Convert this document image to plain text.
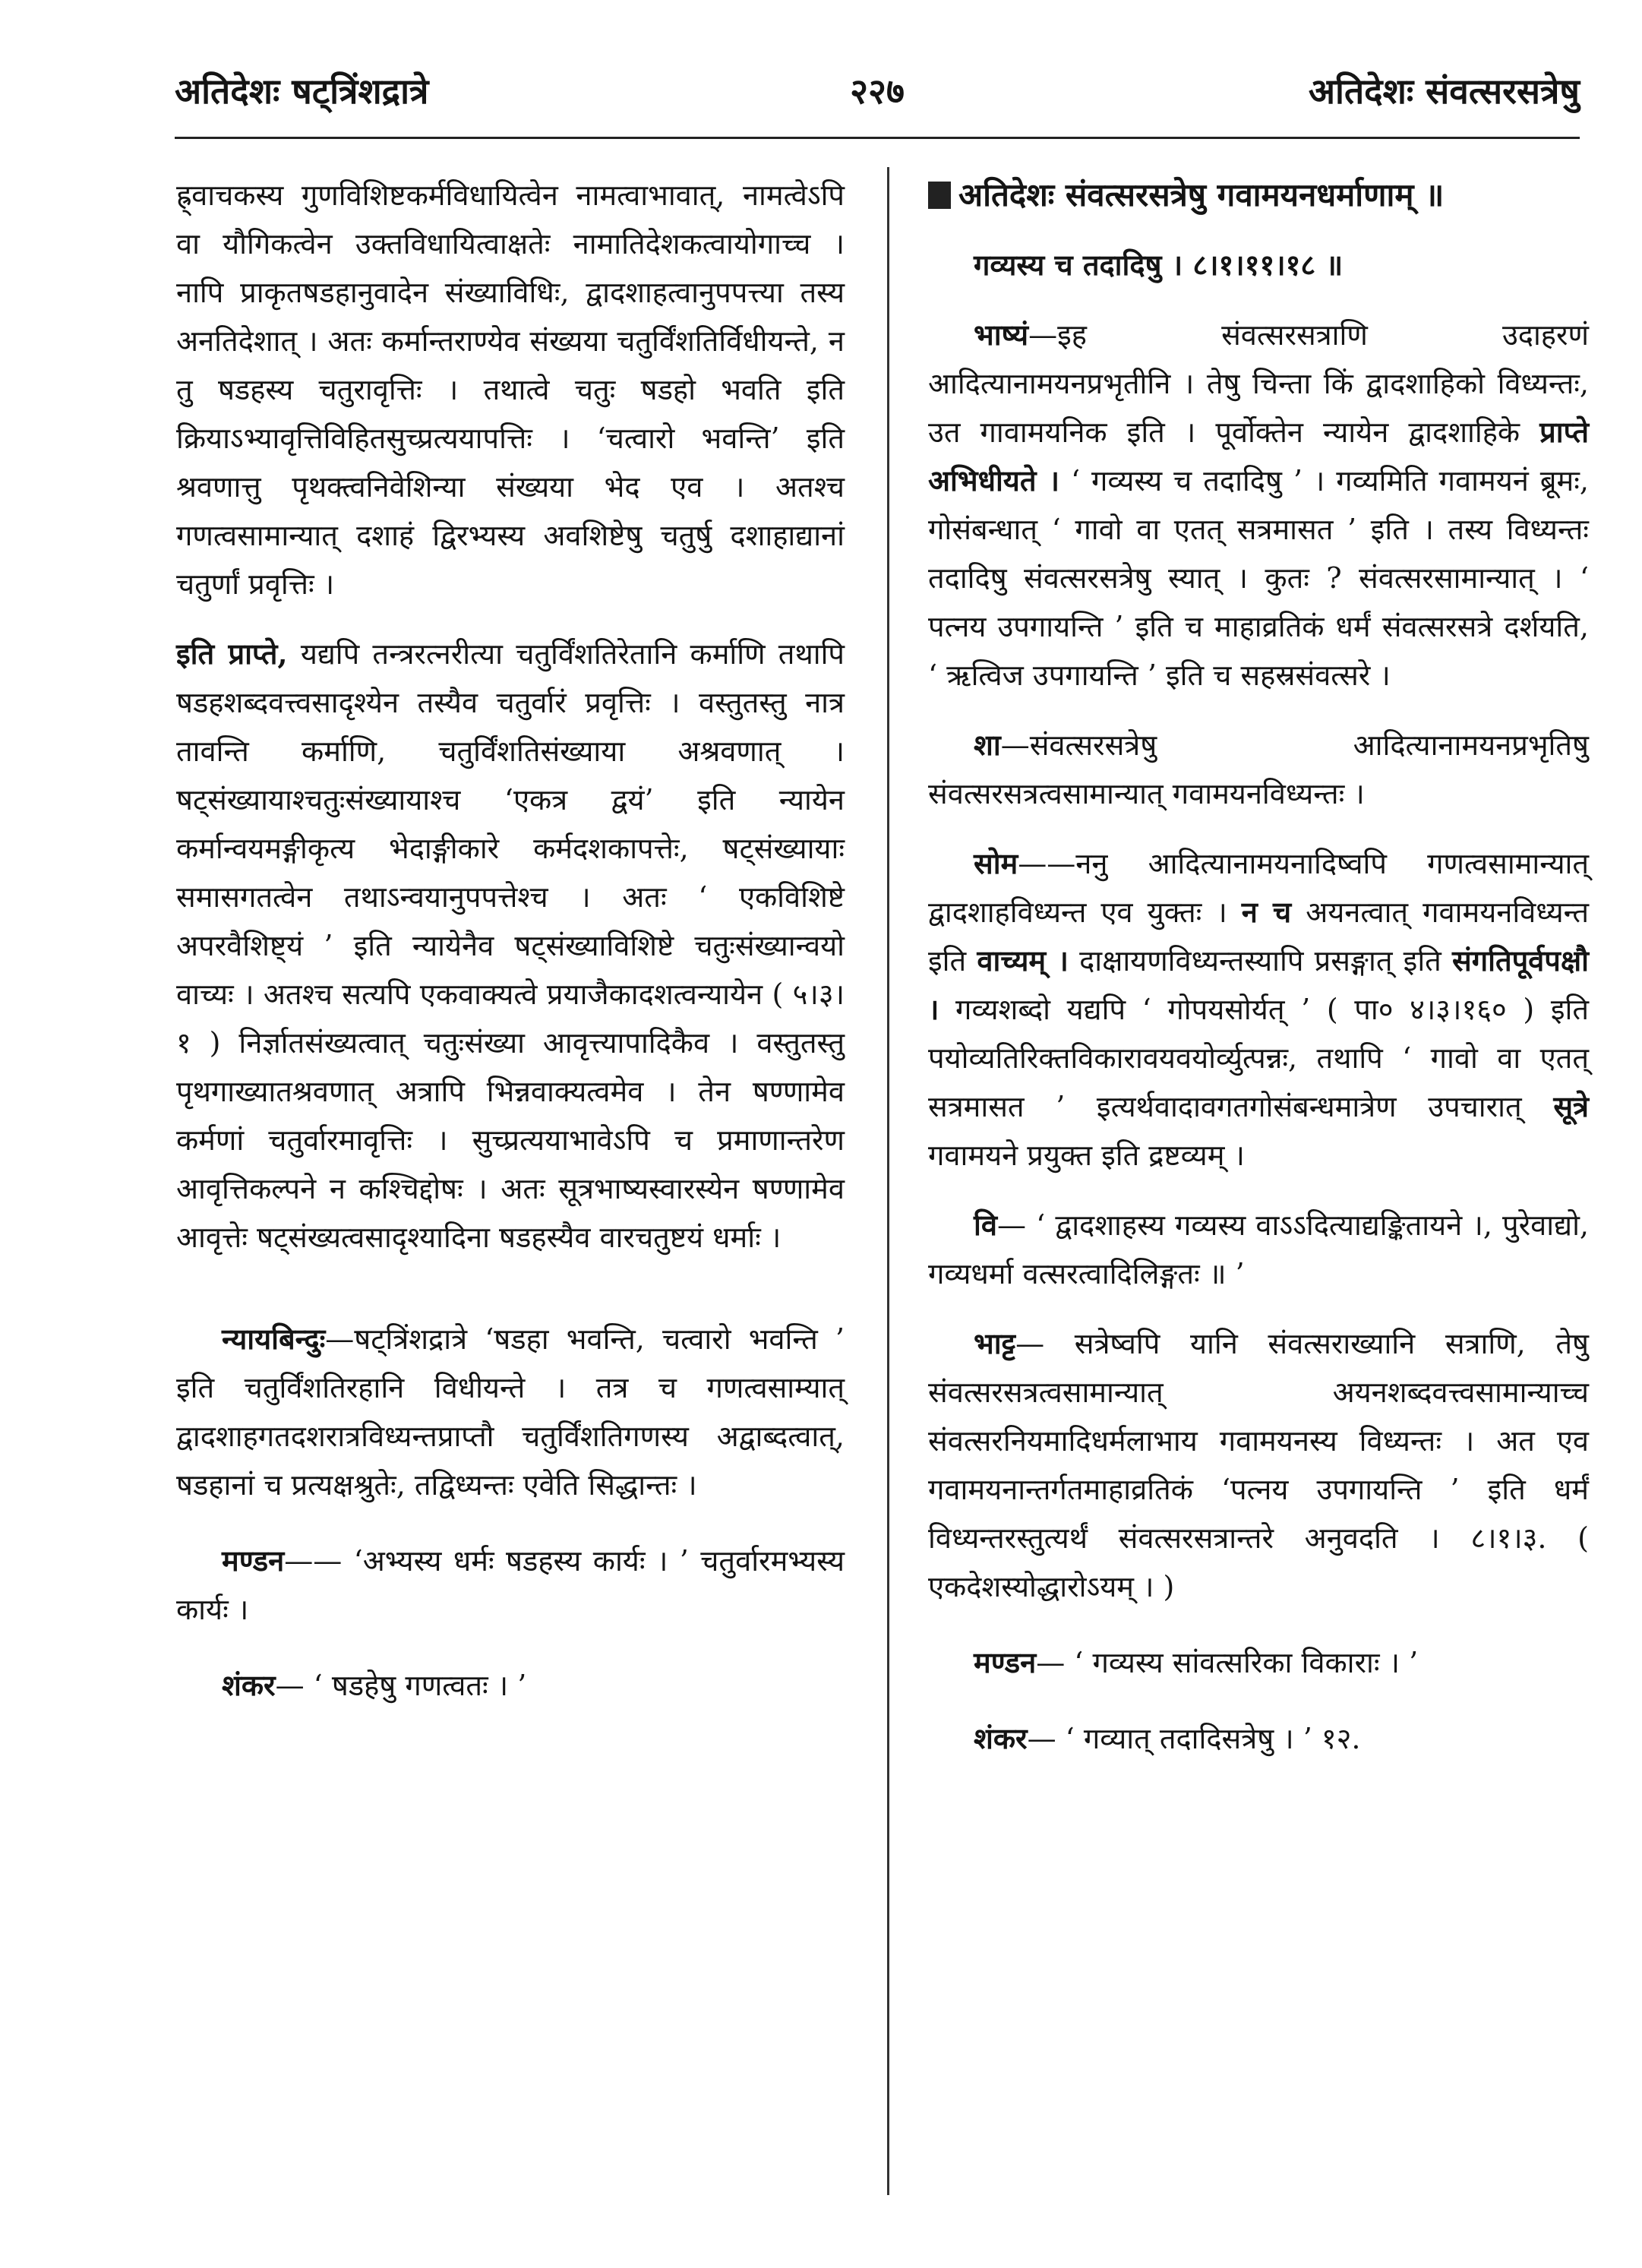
अतिदेशः षट्त्रिंशद्रात्रे	२२७	अतिदेशः संवत्सरसत्रेषु

ह्र्वाचकस्य गुणविशिष्टकर्मविधायित्वेन नामत्वाभावात्, नामत्वेऽपि वा यौगिकत्वेन उक्तविधायित्वाक्षतेः नामातिदेशकत्वायोगाच्च । नापि प्राकृतषडहानुवादेन संख्याविधिः, द्वादशाहत्वानुपपत्त्या तस्य अनतिदेशात् । अतः कर्मान्तराण्येव संख्यया चतुर्विंशतिर्विधीयन्ते, न तु षडहस्य चतुरावृत्तिः । तथात्वे चतुः षडहो भवति इति क्रियाऽभ्यावृत्तिविहितसुच्प्रत्ययापत्तिः । ‘चत्वारो भवन्ति’ इति श्रवणात्तु पृथक्त्वनिवेशिन्या संख्यया भेद एव । अतश्च गणत्वसामान्यात् दशाहं द्विरभ्यस्य अवशिष्टेषु चतुर्षु दशाहाद्यानां चतुर्णां प्रवृत्तिः ।

इति प्राप्ते, यद्यपि तन्त्ररत्नरीत्या चतुर्विंशतिरेतानि कर्माणि तथापि षडहशब्दवत्त्वसादृश्येन तस्यैव चतुर्वारं प्रवृत्तिः । वस्तुतस्तु नात्र तावन्ति कर्माणि, चतुर्विंशतिसंख्याया अश्रवणात् । षट्संख्यायाश्चतुःसंख्यायाश्च ‘एकत्र द्वयं’ इति न्यायेन कर्मान्वयमङ्गीकृत्य भेदाङ्गीकारे कर्मदशकापत्तेः, षट्संख्यायाः समासगतत्वेन तथाऽन्वयानुपपत्तेश्च । अतः ‘ एकविशिष्टे अपरवैशिष्ट्यं ’ इति न्यायेनैव षट्संख्याविशिष्टे चतुःसंख्यान्वयो वाच्यः । अतश्च सत्यपि एकवाक्यत्वे प्रयाजैकादशत्वन्यायेन ( ५।३।१ ) निर्ज्ञातसंख्यत्वात् चतुःसंख्या आवृत्त्यापादिकैव । वस्तुतस्तु पृथगाख्यातश्रवणात् अत्रापि भिन्नवाक्यत्वमेव । तेन षण्णामेव कर्मणां चतुर्वारमावृत्तिः । सुच्प्रत्ययाभावेऽपि च प्रमाणान्तरेण आवृत्तिकल्पने न कश्चिद्दोषः । अतः सूत्रभाष्यस्वारस्येन षण्णामेव आवृत्तेः षट्संख्यत्वसादृश्यादिना षडहस्यैव वारचतुष्टयं धर्माः ।

न्यायबिन्दुः—षट्त्रिंशद्रात्रे ‘षडहा भवन्ति, चत्वारो भवन्ति ’ इति चतुर्विंशतिरहानि विधीयन्ते । तत्र च गणत्वसाम्यात् द्वादशाहगतदशरात्रविध्यन्तप्राप्तौ चतुर्विंशतिगणस्य अद्वाब्दत्वात्, षडहानां च प्रत्यक्षश्रुतेः, तद्विध्यन्तः एवेति सिद्धान्तः ।

मण्डन—— ‘अभ्यस्य धर्मः षडहस्य कार्यः । ’ चतुर्वारमभ्यस्य कार्यः ।

शंकर— ‘ षडहेषु गणत्वतः । ’

अतिदेशः संवत्सरसत्रेषु गवामयनधर्माणाम् ॥

गव्यस्य च तदादिषु । ८।१।११।१८ ॥

भाष्यं—इह संवत्सरसत्राणि उदाहरणं आदित्यानामयनप्रभृतीनि । तेषु चिन्ता किं द्वादशाहिको विध्यन्तः, उत गावामयनिक इति । पूर्वोक्तेन न्यायेन द्वादशाहिके प्राप्ते अभिधीयते । ‘ गव्यस्य च तदादिषु ’ । गव्यमिति गवामयनं ब्रूमः, गोसंबन्धात् ‘ गावो वा एतत् सत्रमासत ’ इति । तस्य विध्यन्तः तदादिषु संवत्सरसत्रेषु स्यात् । कुतः ? संवत्सरसामान्यात् । ‘ पत्नय उपगायन्ति ’ इति च माहाव्रतिकं धर्मं संवत्सरसत्रे दर्शयति, ‘ ऋत्विज उपगायन्ति ’ इति च सहस्रसंवत्सरे ।

शा—संवत्सरसत्रेषु आदित्यानामयनप्रभृतिषु संवत्सरसत्रत्वसामान्यात् गवामयनविध्यन्तः ।

सोम——ननु आदित्यानामयनादिष्वपि गणत्वसामान्यात् द्वादशाहविध्यन्त एव युक्तः । न च अयनत्वात् गवामयनविध्यन्त इति वाच्यम् । दाक्षायणविध्यन्तस्यापि प्रसङ्गात् इति संगतिपूर्वपक्षौ । गव्यशब्दो यद्यपि ‘ गोपयसोर्यत् ’ ( पा० ४।३।१६० ) इति पयोव्यतिरिक्तविकारावयवयोर्व्युत्पन्नः, तथापि ‘ गावो वा एतत् सत्रमासत ’ इत्यर्थवादावगतगोसंबन्धमात्रेण उपचारात् सूत्रे गवामयने प्रयुक्त इति द्रष्टव्यम् ।

वि— ‘ द्वादशाहस्य गव्यस्य वाऽऽदित्याद्यङ्कितायने ।, पुरेवाद्यो, गव्यधर्मा वत्सरत्वादिलिङ्गतः ॥ ’

भाट्ट— सत्रेष्वपि यानि संवत्सराख्यानि सत्राणि, तेषु संवत्सरसत्रत्वसामान्यात् अयनशब्दवत्त्वसामान्याच्च संवत्सरनियमादिधर्मलाभाय गवामयनस्य विध्यन्तः । अत एव गवामयनान्तर्गतमाहाव्रतिकं ‘पत्नय उपगायन्ति ’ इति धर्मं विध्यन्तरस्तुत्यर्थं संवत्सरसत्रान्तरे अनुवदति । ८।१।३. ( एकदेशस्योद्धारोऽयम् । )

मण्डन— ‘ गव्यस्य सांवत्सरिका विकाराः । ’

शंकर— ‘ गव्यात् तदादिसत्रेषु । ’ १२.
